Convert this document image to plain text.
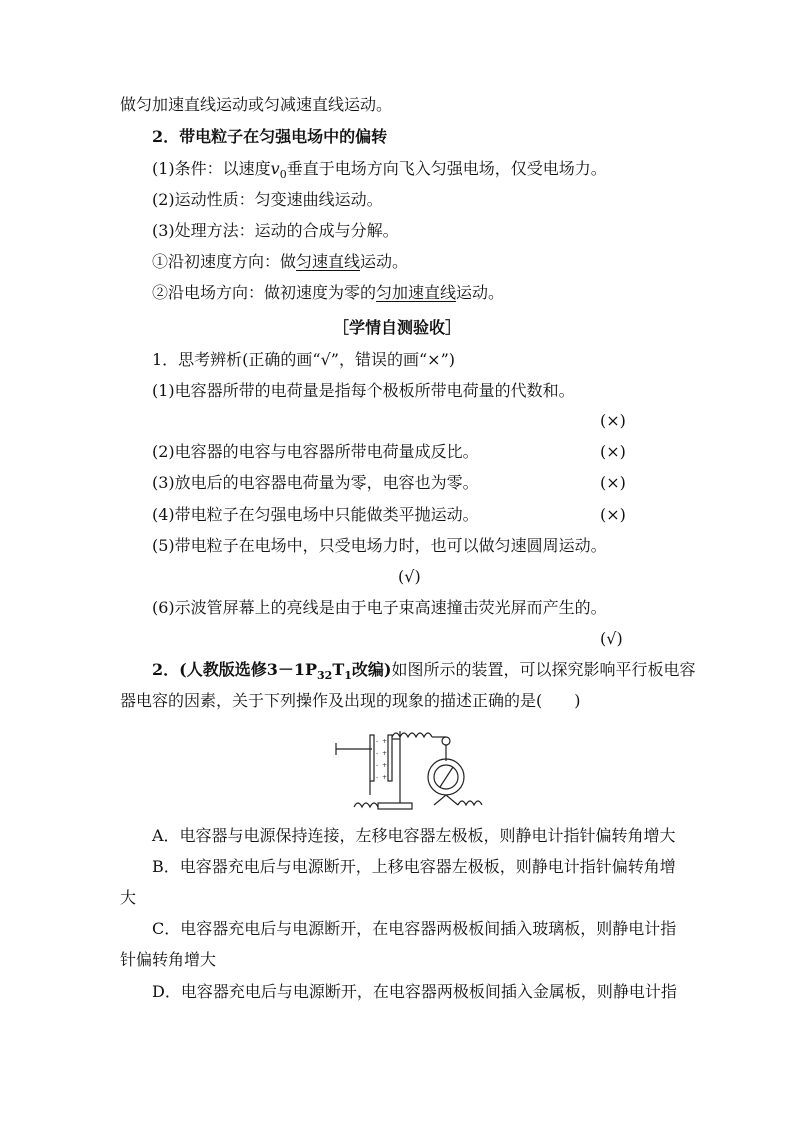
做匀加速直线运动或匀减速直线运动。
2．带电粒子在匀强电场中的偏转
(1)条件：以速度$v_0$垂直于电场方向飞入匀强电场，仅受电场力。
(2)运动性质：匀变速曲线运动。
(3)处理方法：运动的合成与分解。
①沿初速度方向：做匀速直线运动。
②沿电场方向：做初速度为零的匀加速直线运动。
［学情自测验收］
1．思考辨析(正确的画“√”，错误的画“×”)
(1)电容器所带的电荷量是指每个极板所带电荷量的代数和。
(×)
(2)电容器的电容与电容器所带电荷量成反比。	(×)
(3)放电后的电容器电荷量为零，电容也为零。	(×)
(4)带电粒子在匀强电场中只能做类平抛运动。	(×)
(5)带电粒子在电场中，只受电场力时，也可以做匀速圆周运动。
(√)
(6)示波管屏幕上的亮线是由于电子束高速撞击荧光屏而产生的。
(√)
2．(人教版选修$3-1P_{32}T_1$改编)如图所示的装置，可以探究影响平行板电容
器电容的因素，关于下列操作及出现的现象的描述正确的是(　　)
- +
- +
- +
- +
A．电容器与电源保持连接，左移电容器左极板，则静电计指针偏转角增大
B．电容器充电后与电源断开，上移电容器左极板，则静电计指针偏转角增
大
C．电容器充电后与电源断开，在电容器两极板间插入玻璃板，则静电计指
针偏转角增大
D．电容器充电后与电源断开，在电容器两极板间插入金属板，则静电计指
